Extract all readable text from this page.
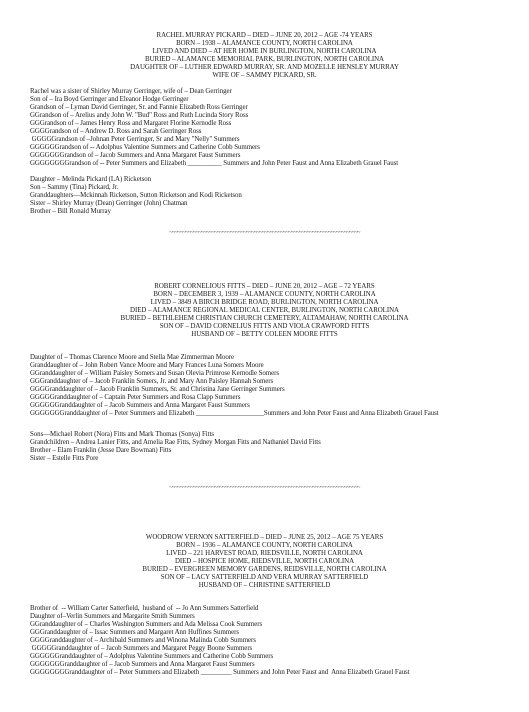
RACHEL MURRAY PICKARD – DIED – JUNE 20, 2012 – AGE -74 YEARS
BORN – 1938 – ALAMANCE COUNTY, NORTH CAROLINA
LIVED AND DIED – AT HER HOME IN BURLINGTON, NORTH CAROLINA
BURIED – ALAMANCE MEMORIAL PARK, BURLINGTON, NORTH CAROLINA
DAUGHTER OF – LUTHER EDWARD MURRAY, SR. AND MOZELLE HENSLEY MURRAY
WIFE OF – SAMMY PICKARD, SR.
Rachel was a sister of Shirley Murray Gerringer, wife of – Dean Gerringer
Son of – Ira Boyd Gerringer and Eleanor Hodge Gerringer
Grandson of – Lyman David Gerringer, Sr. and Fannie Elizabeth Ross Gerringer
GGrandson of – Arelius andy John W. "Bud" Ross and Ruth Lucinda Story Ross
GGGrandson of – James Henry Ross and Margaret Florine Kernodle Ross
GGGGrandson of – Andrew D. Ross and Sarah Gerringer Ross
GGGGGrandson of –Johnan Peter Gerringer, Sr and Mary "Nelly" Summers
GGGGGGrandson of -- Adolphus Valentine Summers and Catherine Cobb Summers
GGGGGGGrandson of – Jacob Summers and Anna Margaret Faust Summers
GGGGGGGGrandson of -- Peter Summers and Elizabeth __________ Summers and John Peter Faust and Anna Elizabeth Grauel Faust
Daughter – Melinda Pickard (LA) Ricketson
Son – Sammy (Tina) Pickard, Jr.
Granddaughters—Mckinnah Ricketson, Sutton Ricketson and Kodi Ricketson
Sister – Shirley Murray (Dean) Gerringer (John) Chatman
Brother – Bill Ronald Murray
~~~~~~~~~~~~~~~~~~~~~~~~~~~~~~~~~~~~~~~~~~~~~~~~~~~~~~~~~~~~~~~~~~~~~~~~
ROBERT CORNELIOUS FITTS – DIED – JUNE 20, 2012 – AGE – 72 YEARS
BORN – DECEMBER 3, 1939 – ALAMANCE COUNTY, NORTH CAROLINA
LIVED – 3849 A BIRCH BRIDGE ROAD, BURLINGTON, NORTH CAROLINA
DIED – ALAMANCE REGIONAL MEDICAL CENTER, BURLINGTON, NORTH CAROLINA
BURIED – BETHLEHEM CHRISTIAN CHURCH CEMETERY, ALTAMAHAW, NORTH CAROLINA
SON OF – DAVID CORNELIUS FITTS AND VIOLA CRAWFORD FITTS
HUSBAND OF – BETTY COLEEN MOORE FITTS
Daughter of – Thomas Clarence Moore and Stella Mae Zimmerman Moore
Granddaughter of – John Robert Vance Moore and Mary Frances Luna Somers Moore
GGranddaughter of – William Paisley Somers and Susan Olevia Primrose Kernodle Somers
GGGranddaughter of – Jacob Franklin Somers, Jr. and Mary Ann Paisley Hannah Somers
GGGGranddaughter of – Jacob Franklin Summers, Sr. and Christina Jane Gerringer Summers
GGGGGranddaughter of – Captain Peter Summers and Rosa Clapp Summers
GGGGGGranddaughter of – Jacob Summers and Anna Margaret Faust Summers
GGGGGGGranddaughter of – Peter Summers and Elizabeth ____________________Summers and John Peter Faust and Anna Elizabeth Grauel Faust
Sons—Michael Robert (Nora) Fitts and Mark Thomas (Sonya) Fitts
Grandchildren – Andrea Lanier Fitts, and Amelia Rae Fitts, Sydney Morgan Fitts and Nathaniel David Fitts
Brother – Elam Franklin (Jesse Dare Bowman) Fitts
Sister – Estelle Fitts Pore
~~~~~~~~~~~~~~~~~~~~~~~~~~~~~~~~~~~~~~~~~~~~~~~~~~~~~~~~~~~~~~~~~~~~~~~~
WOODROW VERNON SATTERFIELD – DIED – JUNE 25, 2012 – AGE 75 YEARS
BORN – 1936 – ALAMANCE COUNTY, NORTH CAROLINA
LIVED – 221 HARVEST ROAD, RIEDSVILLE, NORTH CAROLINA
DIED – HOSPICE HOME, RIEDSVILLE, NORTH CAROLINA
BURIED – EVERGREEN MEMORY GARDENS, REIDSVILLE, NORTH CAROLINA
SON OF – LACY SATTERFIELD AND VERA MURRAY SATTERFIELD
HUSBAND OF – CHRISTINE SATTERFIELD
Brother of  -- William Carter Satterfield,  husband of  -- Jo Ann Summers Satterfield
Daughter of–Verlin Summers and Margarite Smith Summers
GGranddaughter of – Charles Washington Summers and Ada Melissa Cook Summers
GGGranddaughter of – Issac Summers and Margaret Ann Huffines Summers
GGGGranddaughter of – Archibald Summers and Winona Malinda Cobb Summers
GGGGGranddaughter of – Jacob Summers and Margaret Peggy Boone Summers
GGGGGGranddaughter of – Adolphus Valentine Summers and Catherine Cobb Summers
GGGGGGGranddaughter of – Jacob Summers and Anna Margaret Faust Summers
GGGGGGGGranddaughter of – Peter Summers and Elizabeth _________ Summers and John Peter Faust and  Anna Elizabeth Grauel Faust
